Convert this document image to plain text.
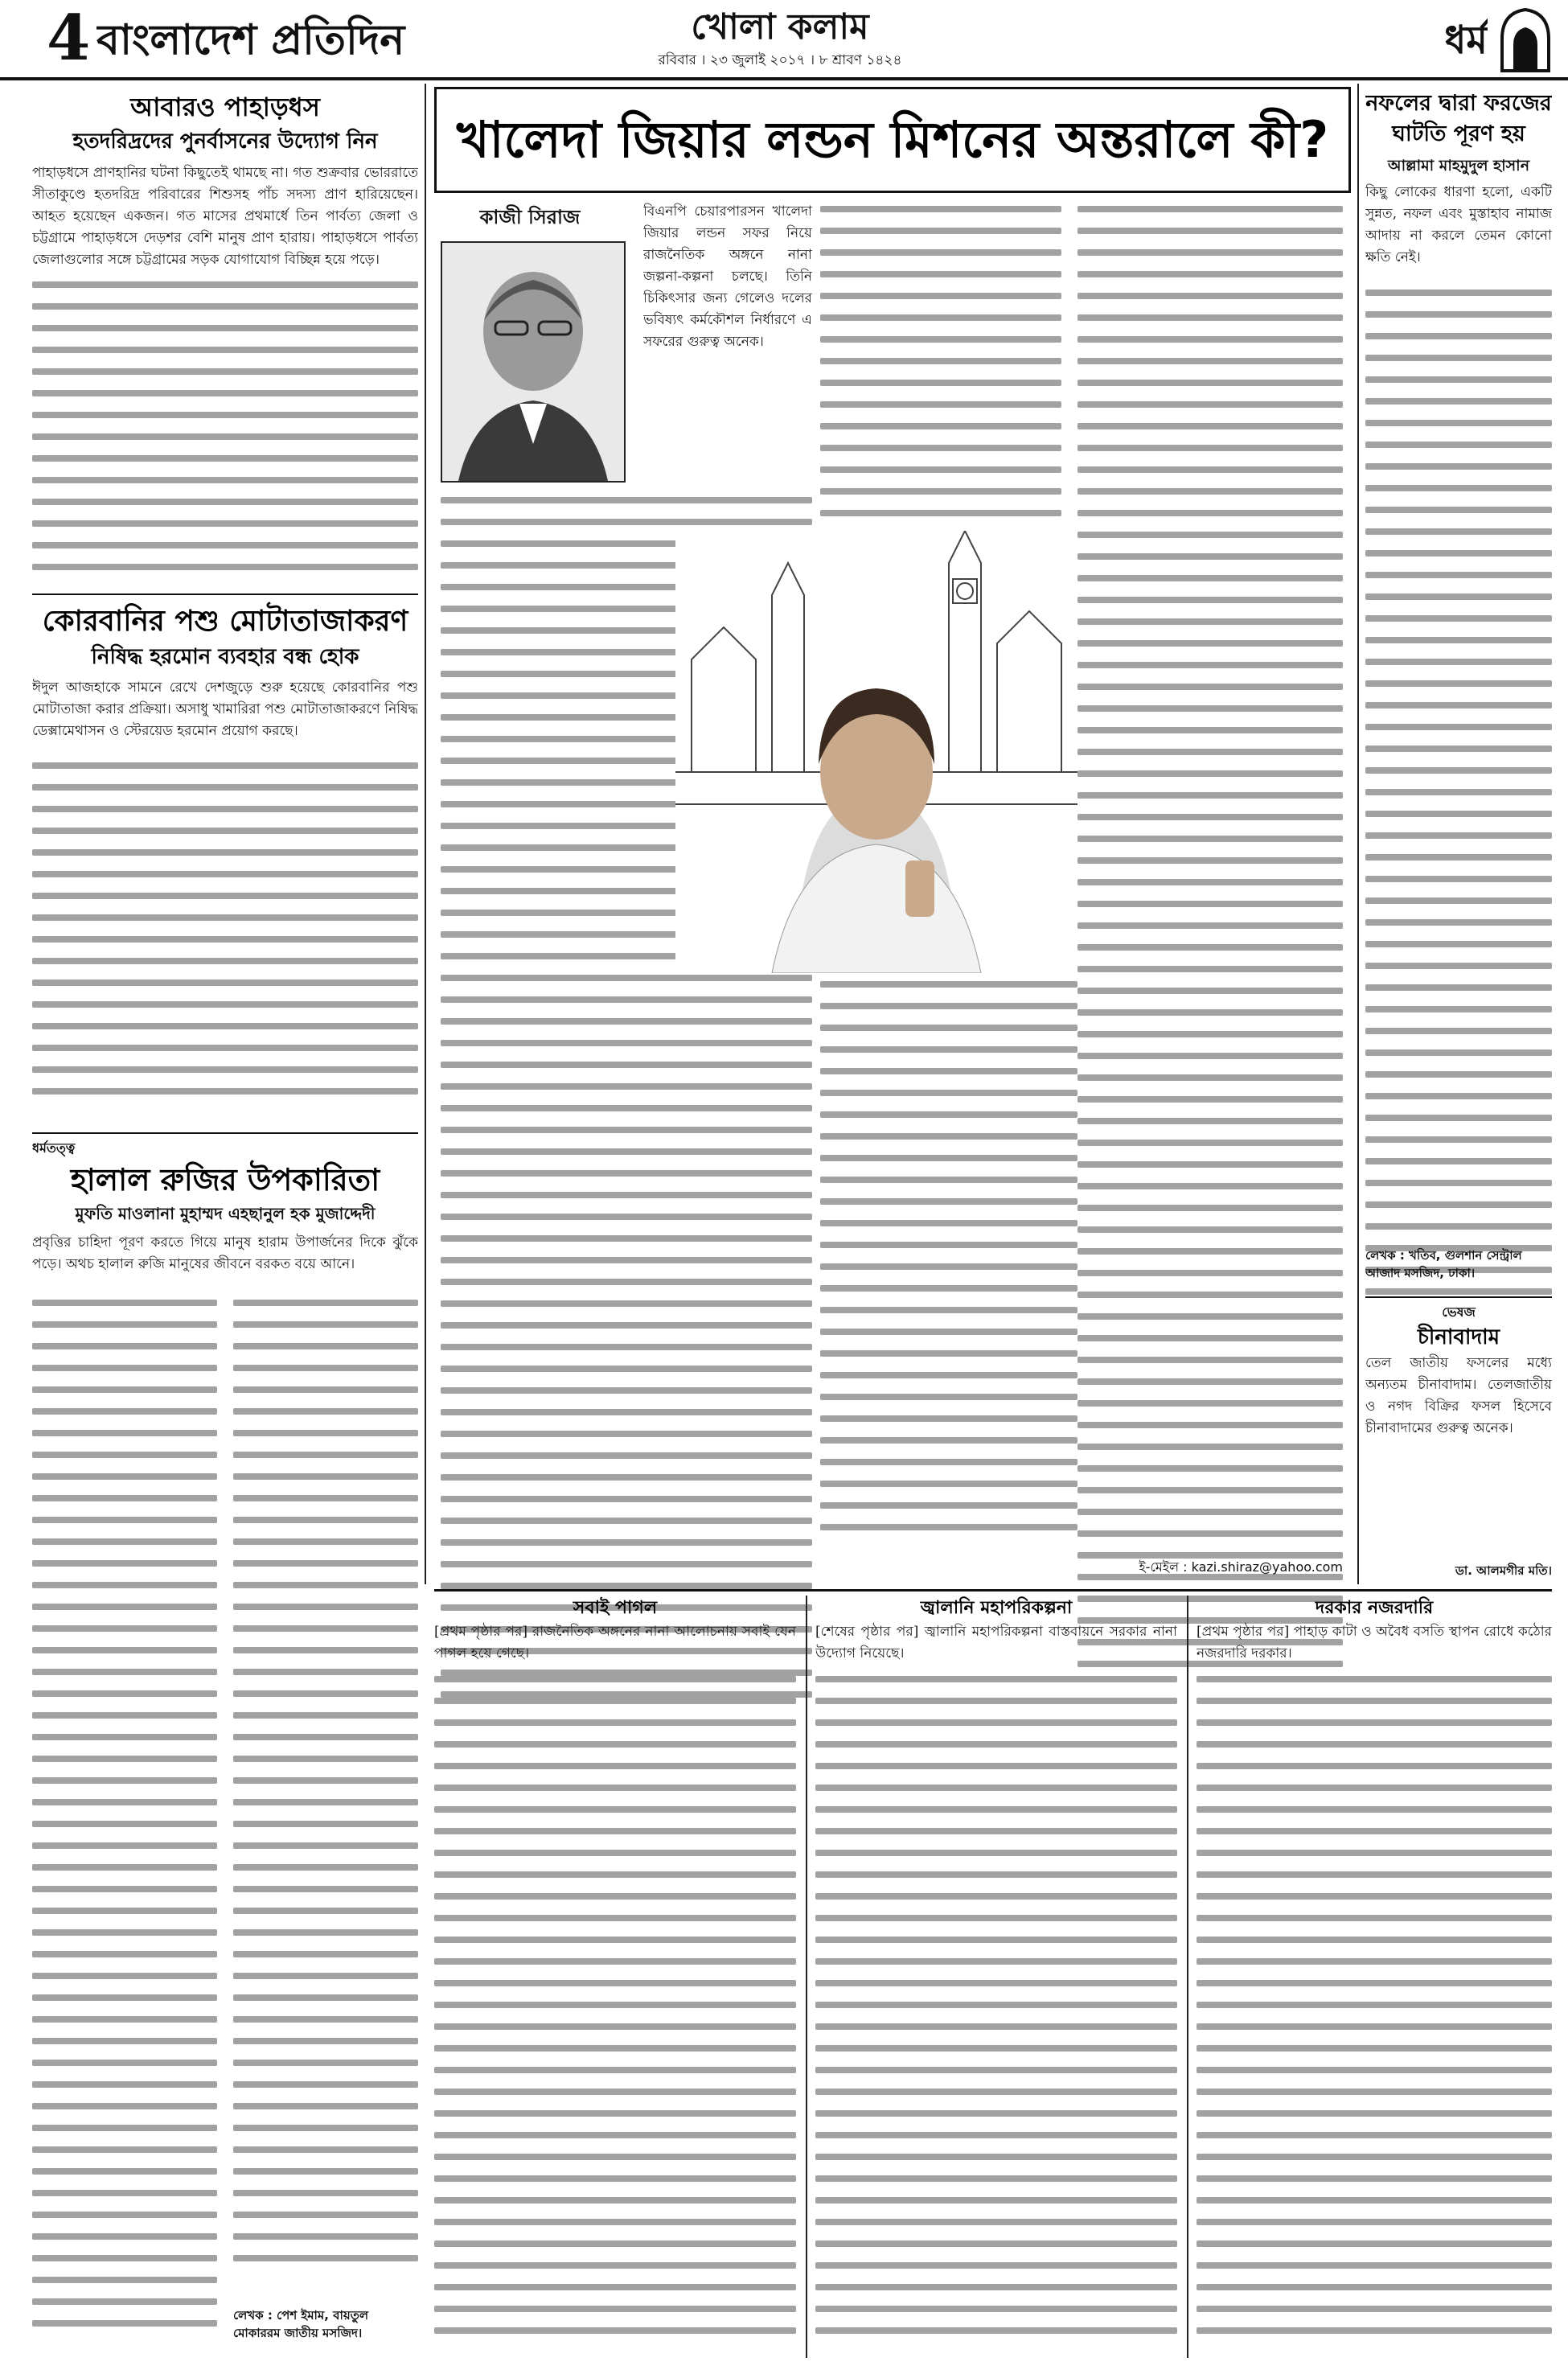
4 বাংলাদেশ প্রতিদিন	খোলা কলাম
রবিবার । ২৩ জুলাই ২০১৭ । ৮ শ্রাবণ ১৪২৪	ধর্ম
আবারও পাহাড়ধস
হতদরিদ্রদের পুনর্বাসনের উদ্যোগ নিন
পাহাড়ধসে প্রাণহানির ঘটনা কিছুতেই থামছে না। গত শুক্রবার ভোররাতে সীতাকুণ্ডে হতদরিদ্র পরিবারের শিশুসহ পাঁচ সদস্য প্রাণ হারিয়েছেন। আহত হয়েছেন একজন। গত মাসের প্রথমার্ধে তিন পার্বত্য জেলা ও চট্টগ্রামে পাহাড়ধসে দেড়শর বেশি মানুষ প্রাণ হারায়। পাহাড়ধসে পার্বত্য জেলাগুলোর সঙ্গে চট্টগ্রামের সড়ক যোগাযোগ বিচ্ছিন্ন হয়ে পড়ে।
কোরবানির পশু মোটাতাজাকরণ
নিষিদ্ধ হরমোন ব্যবহার বন্ধ হোক
ঈদুল আজহাকে সামনে রেখে দেশজুড়ে শুরু হয়েছে কোরবানির পশু মোটাতাজা করার প্রক্রিয়া। অসাধু খামারিরা পশু মোটাতাজাকরণে নিষিদ্ধ ডেক্সামেথাসন ও স্টেরয়েড হরমোন প্রয়োগ করছে।
ধর্মতত্ত্ব
হালাল রুজির উপকারিতা
মুফতি মাওলানা মুহাম্মদ এহছানুল হক মুজাদ্দেদী
প্রবৃত্তির চাহিদা পূরণ করতে গিয়ে মানুষ হারাম উপার্জনের দিকে ঝুঁকে পড়ে। অথচ হালাল রুজি মানুষের জীবনে বরকত বয়ে আনে।
লেখক : পেশ ইমাম, বায়তুল মোকাররম জাতীয় মসজিদ।
খালেদা জিয়ার লন্ডন মিশনের অন্তরালে কী?
কাজী সিরাজ	বিএনপি চেয়ারপারসন খালেদা জিয়ার লন্ডন সফর নিয়ে রাজনৈতিক অঙ্গনে নানা জল্পনা-কল্পনা চলছে। তিনি চিকিৎসার জন্য গেলেও দলের ভবিষ্যৎ কর্মকৌশল নির্ধারণে এ সফরের গুরুত্ব অনেক।
ই-মেইল : kazi.shiraz@yahoo.com
নফলের দ্বারা ফরজের ঘাটতি পূরণ হয়
আল্লামা মাহমুদুল হাসান
কিছু লোকের ধারণা হলো, একটি সুন্নত, নফল এবং মুস্তাহাব নামাজ আদায় না করলে তেমন কোনো ক্ষতি নেই।
লেখক : খতিব, গুলশান সেন্ট্রাল আজাদ মসজিদ, ঢাকা।
ভেষজ
চীনাবাদাম
তেল জাতীয় ফসলের মধ্যে অন্যতম চীনাবাদাম। তেলজাতীয় ও নগদ বিক্রির ফসল হিসেবে চীনাবাদামের গুরুত্ব অনেক।
ডা. আলমগীর মতি।
সবাই পাগল
[প্রথম পৃষ্ঠার পর] রাজনৈতিক অঙ্গনের নানা আলোচনায় সবাই যেন পাগল হয়ে গেছে।
জ্বালানি মহাপরিকল্পনা
[শেষের পৃষ্ঠার পর] জ্বালানি মহাপরিকল্পনা বাস্তবায়নে সরকার নানা উদ্যোগ নিয়েছে।
দরকার নজরদারি
[প্রথম পৃষ্ঠার পর] পাহাড় কাটা ও অবৈধ বসতি স্থাপন রোধে কঠোর নজরদারি দরকার।
